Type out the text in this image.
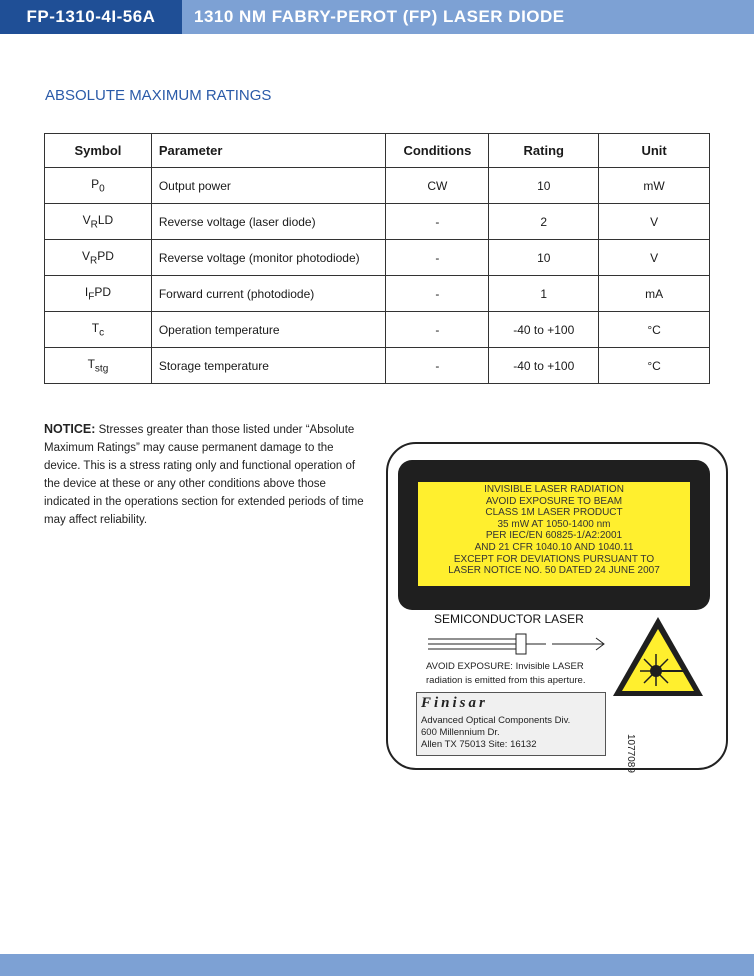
FP-1310-4I-56A	1310 NM FABRY-PEROT (FP) LASER DIODE
ABSOLUTE MAXIMUM RATINGS
Symbol	Parameter	Conditions	Rating	Unit
$P_0$	Output power	CW	10	mW
$V_RLD$	Reverse voltage (laser diode)	-	2	V
$V_RPD$	Reverse voltage (monitor photodiode)	-	10	V
$I_FPD$	Forward current (photodiode)	-	1	mA
$T_c$	Operation temperature	-	-40 to +100	°C
$T_{stg}$	Storage temperature	-	-40 to +100	°C
NOTICE: Stresses greater than those listed under “Absolute Maximum Ratings” may cause permanent damage to the device. This is a stress rating only and functional operation of the device at these or any other conditions above those indicated in the operations section for extended periods of time may affect reliability.
INVISIBLE LASER RADIATION
AVOID EXPOSURE TO BEAM
CLASS 1M LASER PRODUCT
35 mW AT 1050-1400 nm
PER IEC/EN 60825-1/A2:2001
AND 21 CFR 1040.10 AND 1040.11
EXCEPT FOR DEVIATIONS PURSUANT TO
LASER NOTICE NO. 50 DATED 24 JUNE 2007
SEMICONDUCTOR LASER
AVOID EXPOSURE: Invisible LASER radiation is emitted from this aperture.
Finisar
Advanced Optical Components Div.
600 Millennium Dr.
Allen TX 75013 Site: 16132	1077089
